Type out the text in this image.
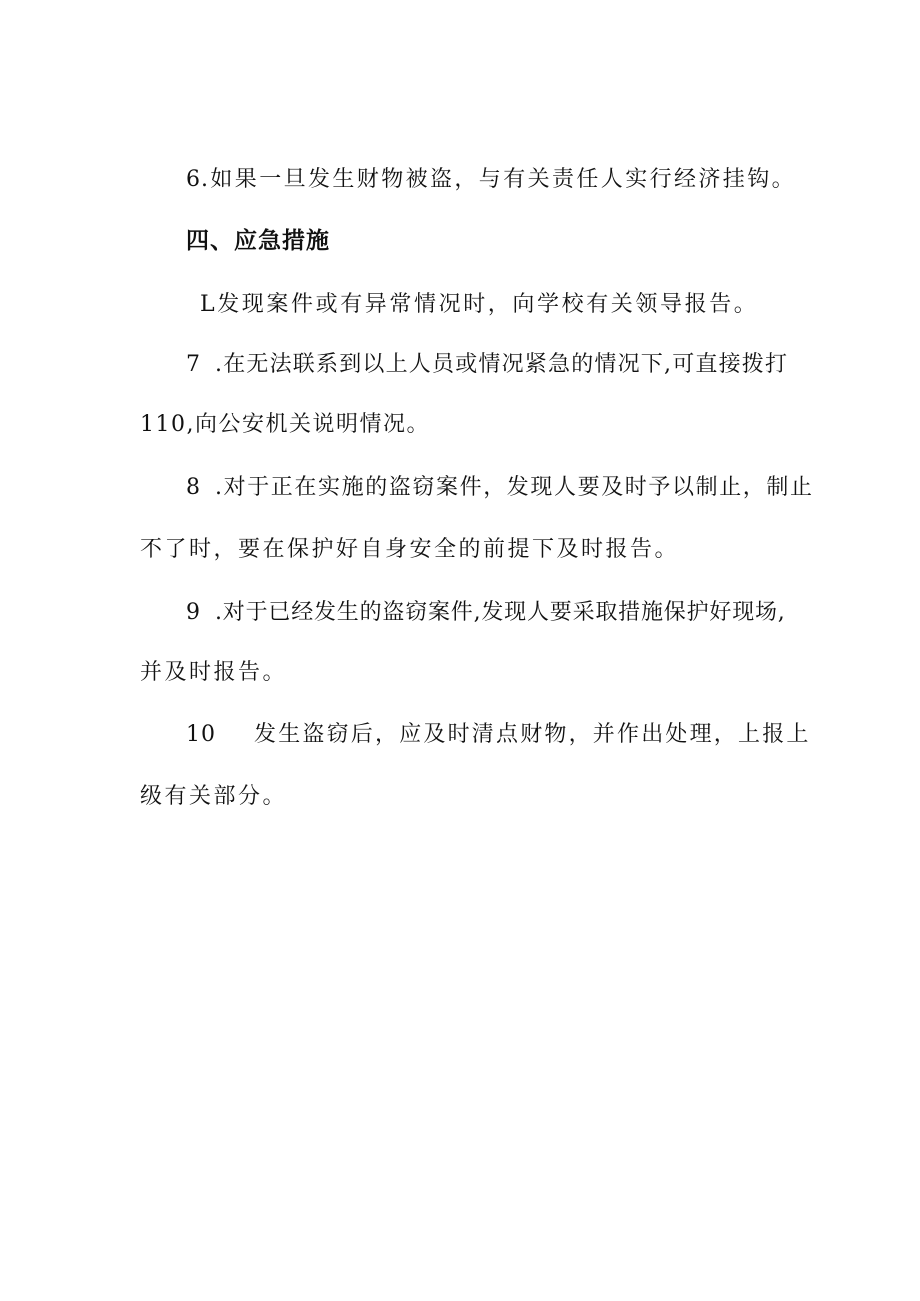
6.如果一旦发生财物被盗，与有关责任人实行经济挂钩。
四、应急措施
L发现案件或有异常情况时，向学校有关领导报告。
7 .在无法联系到以上人员或情况紧急的情况下,可直接拨打
110,向公安机关说明情况。
8 .对于正在实施的盗窃案件，发现人要及时予以制止，制止
不了时，要在保护好自身安全的前提下及时报告。
9 .对于已经发生的盗窃案件,发现人要采取措施保护好现场,
并及时报告。
10 发生盗窃后，应及时清点财物，并作出处理，上报上
级有关部分。
